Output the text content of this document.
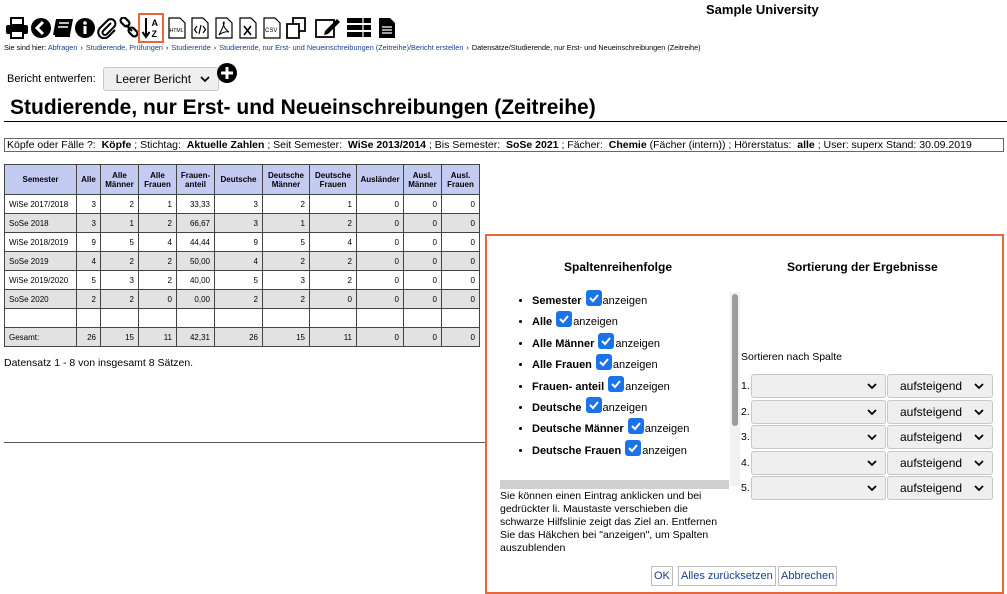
Sample University
A
Z HTML	CSV
Sie sind hier: Abfragen › Studierende, Prüfungen › Studierende › Studierende, nur Erst- und Neueinschreibungen (Zeitreihe)/Bericht erstellen › Datensätze/Studierende, nur Erst- und Neueinschreibungen (Zeitreihe)
Bericht entwerfen: Leerer Bericht
Studierende, nur Erst- und Neueinschreibungen (Zeitreihe)
Köpfe oder Fälle ?: Köpfe ; Stichtag: Aktuelle Zahlen ; Seit Semester: WiSe 2013/2014 ; Bis Semester: SoSe 2021 ; Fächer: Chemie (Fächer (intern)) ; Hörerstatus: alle ; User: superx Stand: 30.09.2019
Semester	Alle	Alle Männer	Alle Frauen	Frauen-anteil	Deutsche	Deutsche Männer	Deutsche Frauen	Ausländer	Ausl. Männer	Ausl. Frauen
WiSe 2017/2018	3	2	1	33,33	3	2	1	0	0	0
SoSe 2018	3	1	2	66,67	3	1	2	0	0	0
WiSe 2018/2019	9	5	4	44,44	9	5	4	0	0	0
SoSe 2019	4	2	2	50,00	4	2	2	0	0	0
WiSe 2019/2020	5	3	2	40,00	5	3	2	0	0	0
SoSe 2020	2	2	0	0,00	2	2	0	0	0	0

Gesamt:	26	15	11	42,31	26	15	11	0	0	0
Datensatz 1 - 8 von insgesamt 8 Sätzen.
Spaltenreihenfolge	Sortierung der Ergebnisse
• Semester anzeigen
• Alle anzeigen
• Alle Männer anzeigen
• Alle Frauen anzeigen
• Frauen- anteil anzeigen
• Deutsche anzeigen
• Deutsche Männer anzeigen
• Deutsche Frauen anzeigen
Sie können einen Eintrag anklicken und bei gedrückter li. Maustaste verschieben die schwarze Hilfslinie zeigt das Ziel an. Entfernen Sie das Häkchen bei "anzeigen", um Spalten auszublenden
Sortieren nach Spalte
1.	aufsteigend
2.	aufsteigend
3.	aufsteigend
4.	aufsteigend
5.	aufsteigend
OK Alles zurücksetzen Abbrechen
